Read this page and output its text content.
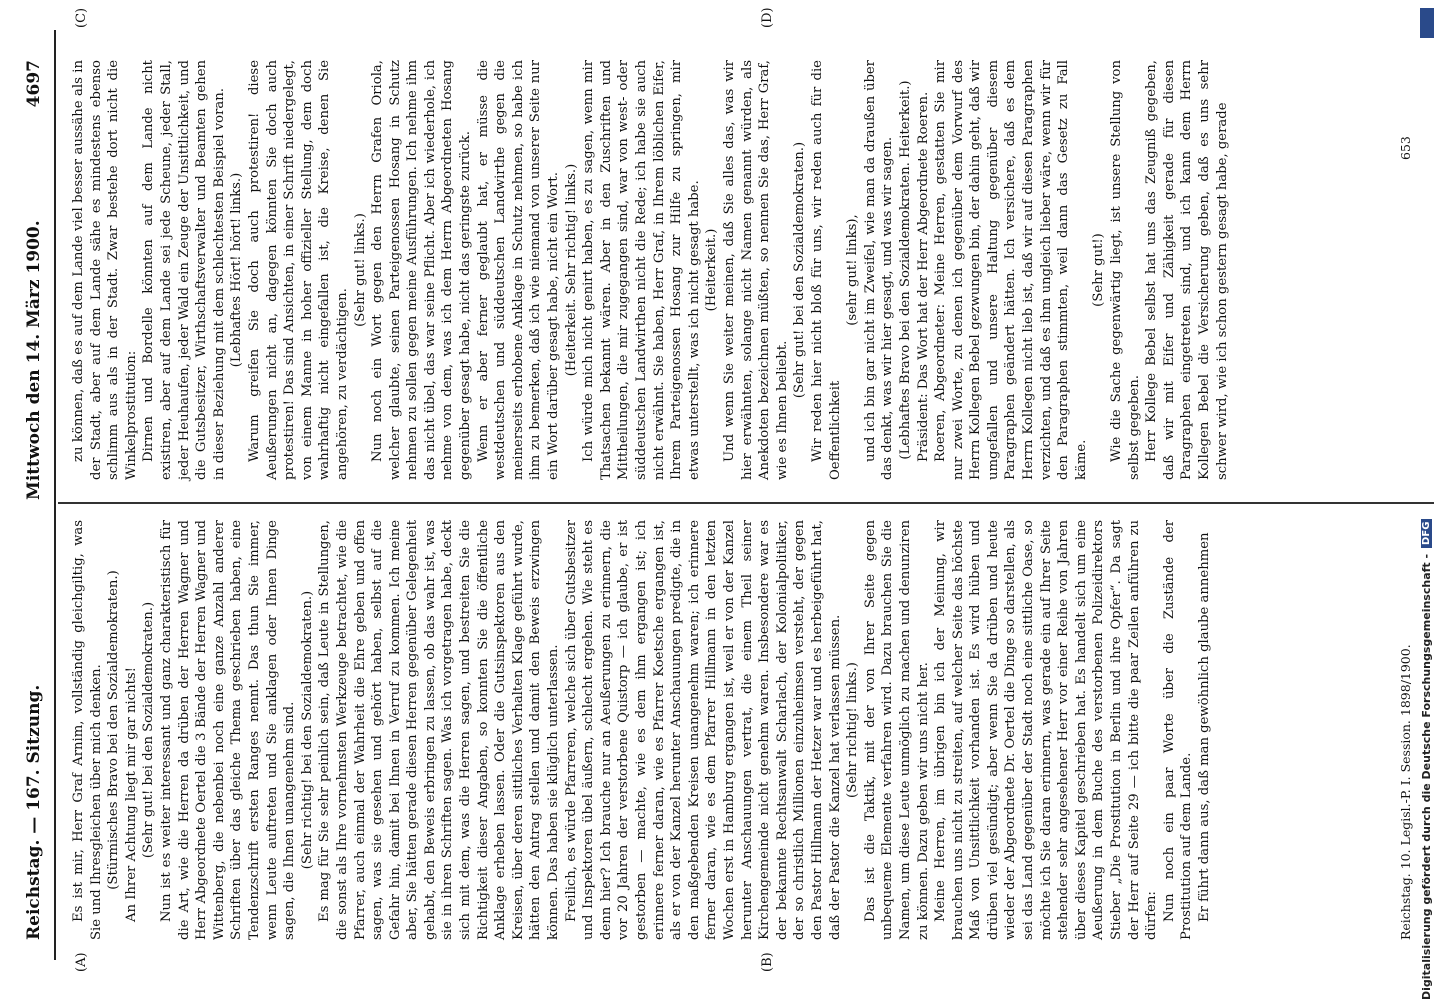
Reichstag. — 167. Sitzung.
Mittwoch den 14. März 1900.
4697
(A)	(B)
(C)	(D)

Es ist mir, Herr Graf Arnim, vollständig gleichgiltig, was Sie und Ihresgleichen über mich denken. (Stürmisches Bravo bei den Sozialdemokraten.) An Ihrer Achtung liegt mir gar nichts! (Sehr gut! bei den Sozialdemokraten.) Nun ist es weiter interessant und ganz charakteristisch für die Art, wie die Herren da drüben der Herren Wagner und Herr Abgeordnete Oertel die 3 Bände der Herren Wagner und Wittenberg, die nebenbei noch eine ganze Anzahl anderer Schriften über das gleiche Thema geschrieben haben, eine Tendenzschrift ersten Ranges nennt. Das thun Sie immer, wenn Leute auftreten und Sie anklagen oder Ihnen Dinge sagen, die Ihnen unangenehm sind. (Sehr richtig! bei den Sozialdemokraten.) Es mag für Sie sehr peinlich sein, daß Leute in Stellungen, die sonst als Ihre vornehmsten Werkzeuge betrachtet, wie die Pfarrer, auch einmal der Wahrheit die Ehre geben und offen sagen, was sie gesehen und gehört haben, selbst auf die Gefahr hin, damit bei Ihnen in Verruf zu kommen. Ich meine aber, Sie hätten gerade diesen Herren gegenüber Gelegenheit gehabt, den Beweis erbringen zu lassen, ob das wahr ist, was sie in ihren Schriften sagen. Was ich vorgetragen habe, deckt sich mit dem, was die Herren sagen, und bestreiten Sie die Richtigkeit dieser Angaben, so konnten Sie die öffentliche Anklage erheben lassen. Oder die Gutsinspektoren aus den Kreisen, über deren sittliches Verhalten Klage geführt wurde, hätten den Antrag stellen und damit den Beweis erzwingen können. Das haben sie klüglich unterlassen. Freilich, es würde Pfarreren, welche sich über Gutsbesitzer und Inspektoren übel äußern, schlecht ergehen. Wie steht es denn hier? Ich brauche nur an Aeußerungen zu erinnern, die vor 20 Jahren der verstorbene Quistorp — ich glaube, er ist gestorben — machte, wie es dem ihm ergangen ist; ich erinnere ferner daran, wie es Pfarrer Koetsche ergangen ist, als er von der Kanzel herunter Anschauungen predigte, die in den maßgebenden Kreisen unangenehm waren; ich erinnere ferner daran, wie es dem Pfarrer Hillmann in den letzten Wochen erst in Hamburg ergangen ist, weil er von der Kanzel herunter Anschauungen vertrat, die einem Theil seiner Kirchengemeinde nicht genehm waren. Insbesondere war es der bekannte Rechtsanwalt Scharlach, der Kolonialpolitiker, der so christlich Millionen einzuheimsen versteht, der gegen den Pastor Hillmann der Hetzer war und es herbeigeführt hat, daß der Pastor die Kanzel hat verlassen müssen. (Sehr richtig! links.) Das ist die Taktik, mit der von Ihrer Seite gegen unbequeme Elemente verfahren wird. Dazu brauchen Sie die Namen, um diese Leute unmöglich zu machen und denunziren zu können. Dazu geben wir uns nicht her. Meine Herren, im übrigen bin ich der Meinung, wir brauchen uns nicht zu streiten, auf welcher Seite das höchste Maß von Unsittlichkeit vorhanden ist. Es wird hüben und drüben viel gesündigt; aber wenn Sie da drüben und heute wieder der Abgeordnete Dr. Oertel die Dinge so darstellen, als sei das Land gegenüber der Stadt noch eine sittliche Oase, so möchte ich Sie daran erinnern, was gerade ein auf Ihrer Seite stehender sehr angesehener Herr vor einer Reihe von Jahren über dieses Kapitel geschrieben hat. Es handelt sich um eine Aeußerung in dem Buche des verstorbenen Polizeidirektors Stieber „Die Prostitution in Berlin und ihre Opfer“. Da sagt der Herr auf Seite 29 — ich bitte die paar Zeilen anführen zu dürfen: Nun noch ein paar Worte über die Zustände der Prostitution auf dem Lande. Er führt dann aus, daß man gewöhnlich glaube annehmen

zu können, daß es auf dem Lande viel besser aussähe als in der Stadt, aber auf dem Lande sähe es mindestens ebenso schlimm aus als in der Stadt. Zwar bestehe dort nicht die Winkelprostitution: Dirnen und Bordelle könnten auf dem Lande nicht existiren, aber auf dem Lande sei jede Scheune, jeder Stall, jeder Heuhaufen, jeder Wald ein Zeuge der Unsittlichkeit, und die Gutsbesitzer, Wirthschaftsverwalter und Beamten gehen in dieser Beziehung mit dem schlechtesten Beispiel voran. (Lebhaftes Hört! hört! links.) Warum greifen Sie doch auch protestiren! diese Aeußerungen nicht an, dagegen könnten Sie doch auch protestiren! Das sind Ansichten, in einer Schrift niedergelegt, von einem Manne in hoher offizieller Stellung, dem doch wahrhaftig nicht eingefallen ist, die Kreise, denen Sie angehören, zu verdächtigen.

(Sehr gut! links.) Nun noch ein Wort gegen den Herrn Grafen Oriola, welcher glaubte, seinen Parteigenossen Hosang in Schutz nehmen zu sollen gegen meine Ausführungen. Ich nehme ihm das nicht übel, das war seine Pflicht. Aber ich wiederhole, ich nehme von dem, was ich dem Herrn Abgeordneten Hosang gegenüber gesagt habe, nicht das geringste zurück. Wenn er aber ferner geglaubt hat, er müsse die westdeutschen und süddeutschen Landwirthe gegen die meinerseits erhobene Anklage in Schutz nehmen, so habe ich ihm zu bemerken, daß ich wie niemand von unserer Seite nur ein Wort darüber gesagt habe, nicht ein Wort. (Heiterkeit. Sehr richtig! links.) Ich würde mich nicht genirt haben, es zu sagen, wenn mir Thatsachen bekannt wären. Aber in den Zuschriften und Mittheilungen, die mir zugegangen sind, war von west- oder süddeutschen Landwirthen nicht die Rede; ich habe sie auch nicht erwähnt. Sie haben, Herr Graf, in Ihrem löblichen Eifer, Ihrem Parteigenossen Hosang zur Hilfe zu springen, mir etwas unterstellt, was ich nicht gesagt habe. (Heiterkeit.) Und wenn Sie weiter meinen, daß Sie alles das, was wir hier erwähnten, solange nicht Namen genannt würden, als Anekdoten bezeichnen müßten, so nennen Sie das, Herr Graf, wie es Ihnen beliebt.

(Sehr gut! bei den Sozialdemokraten.) Wir reden hier nicht bloß für uns, wir reden auch für die Oeffentlichkeit

(sehr gut! links), und ich bin gar nicht im Zweifel, wie man da draußen über das denkt, was wir hier gesagt, und was wir sagen. (Lebhaftes Bravo bei den Sozialdemokraten. Heiterkeit.) Präsident: Das Wort hat der Herr Abgeordnete Roeren. Roeren, Abgeordneter: Meine Herren, gestatten Sie mir nur zwei Worte, zu denen ich gegenüber dem Vorwurf des Herrn Kollegen Bebel gezwungen bin, der dahin geht, daß wir umgefallen und unsere Haltung gegenüber diesem Paragraphen geändert hätten. Ich versichere, daß es dem Herrn Kollegen nicht lieb ist, daß wir auf diesen Paragraphen verzichten, und daß es ihm ungleich lieber wäre, wenn wir für den Paragraphen stimmten, weil dann das Gesetz zu Fall käme.

(Sehr gut!) Wie die Sache gegenwärtig liegt, ist unsere Stellung von selbst gegeben. Herr Kollege Bebel selbst hat uns das Zeugniß gegeben, daß wir mit Eifer und Zähigkeit gerade für diesen Paragraphen eingetreten sind, und ich kann dem Herrn Kollegen Bebel die Versicherung geben, daß es uns sehr schwer wird, wie ich schon gestern gesagt habe, gerade

Reichstag. 10. Legisl.-P. I. Session. 1898/1900.
653
Digitalisierung gefördert durch die Deutsche Forschungsgemeinschaft -
DFG
